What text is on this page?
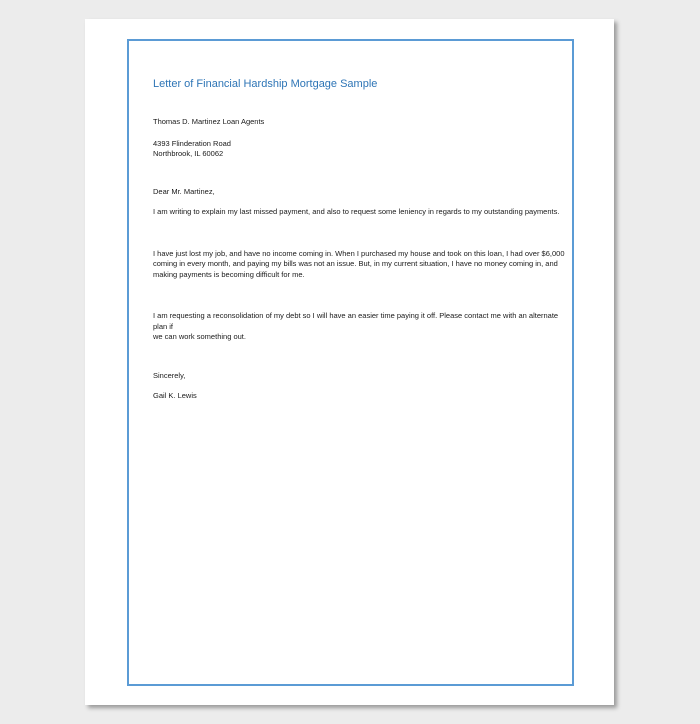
Letter of Financial Hardship Mortgage Sample

Thomas D. Martinez Loan Agents

4393 Flinderation Road
Northbrook, IL 60062

Dear Mr. Martinez,

I am writing to explain my last missed payment, and also to request some leniency in regards to my outstanding payments.

I have just lost my job, and have no income coming in. When I purchased my house and took on this loan, I had over $6,000
coming in every month, and paying my bills was not an issue. But, in my current situation, I have no money coming in, and
making payments is becoming difficult for me.

I am requesting a reconsolidation of my debt so I will have an easier time paying it off. Please contact me with an alternate plan if
we can work something out.

Sincerely,

Gail K. Lewis
